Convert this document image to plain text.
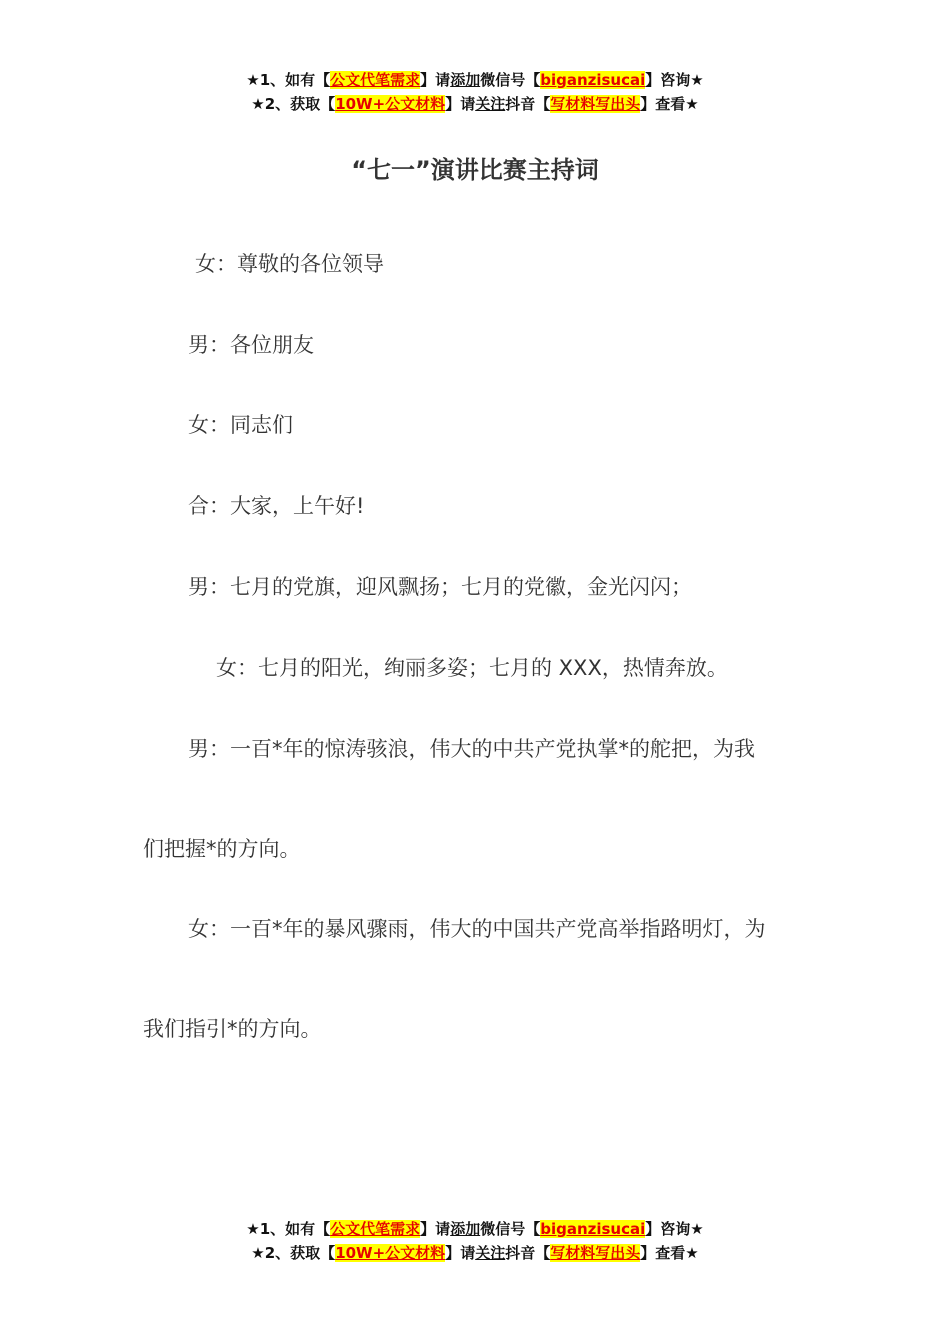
★1、如有【公文代笔需求】请添加微信号【biganzisucai】咨询★
★2、获取【10W+公文材料】请关注抖音【写材料写出头】查看★
“七一”演讲比赛主持词
女：尊敬的各位领导
男：各位朋友
女：同志们
合：大家，上午好!
男：七月的党旗，迎风飘扬；七月的党徽，金光闪闪；
女：七月的阳光，绚丽多姿；七月的 XXX，热情奔放。
男：一百*年的惊涛骇浪，伟大的中共产党执掌*的舵把，为我
们把握*的方向。
女：一百*年的暴风骤雨，伟大的中国共产党高举指路明灯，为
我们指引*的方向。
★1、如有【公文代笔需求】请添加微信号【biganzisucai】咨询★
★2、获取【10W+公文材料】请关注抖音【写材料写出头】查看★
